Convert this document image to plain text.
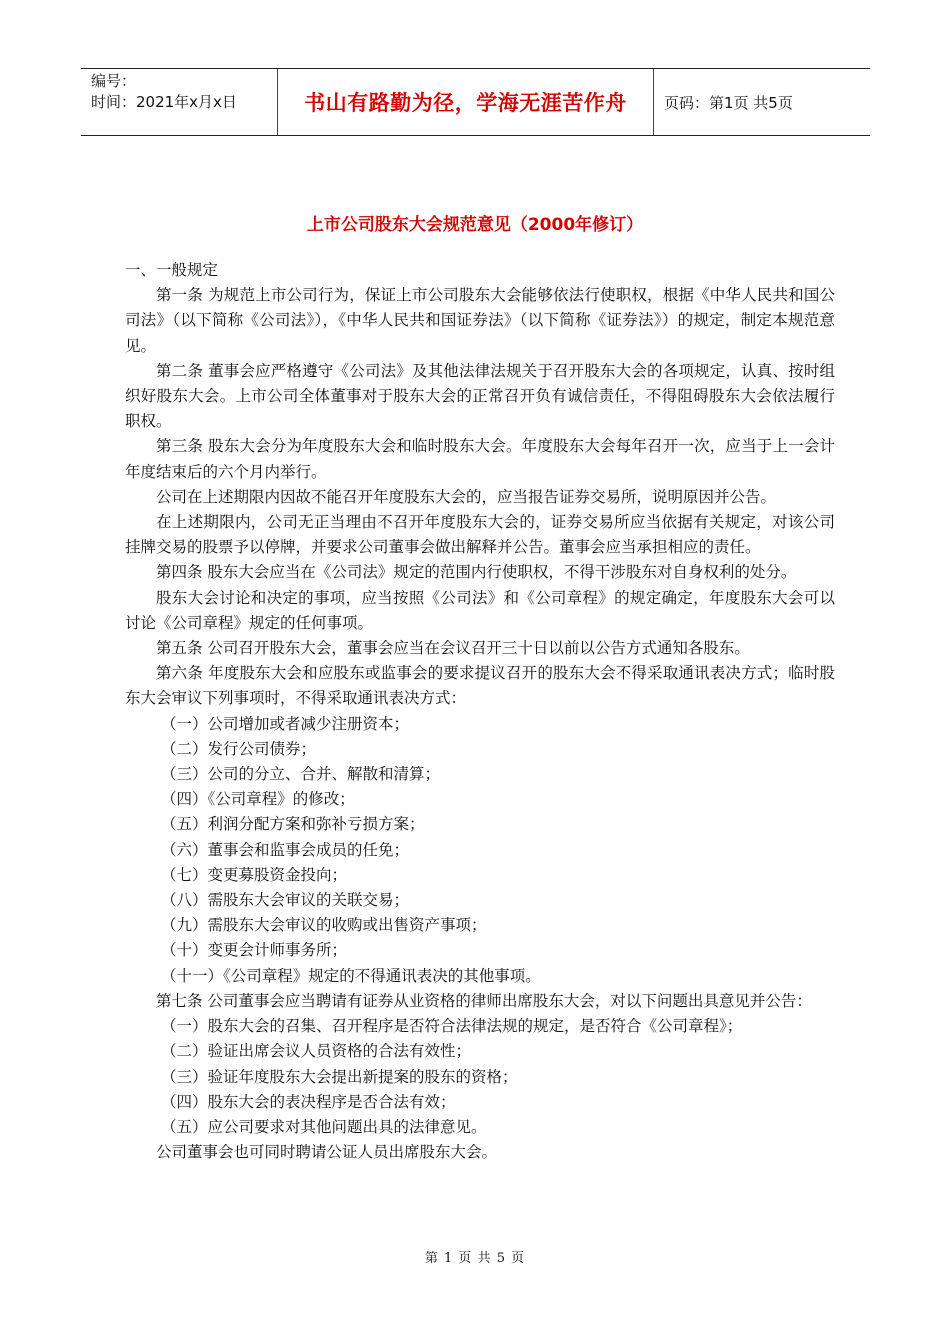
编号：
时间：2021年x月x日	书山有路勤为径，学海无涯苦作舟 页码：第1页 共5页
上市公司股东大会规范意见（2000年修订）

一、一般规定

第一条 为规范上市公司行为，保证上市公司股东大会能够依法行使职权，根据《中华人民共和国公司法》（以下简称《公司法》），《中华人民共和国证券法》（以下简称《证券法》）的规定，制定本规范意见。

第二条 董事会应严格遵守《公司法》及其他法律法规关于召开股东大会的各项规定，认真、按时组织好股东大会。上市公司全体董事对于股东大会的正常召开负有诚信责任，不得阻碍股东大会依法履行职权。

第三条 股东大会分为年度股东大会和临时股东大会。年度股东大会每年召开一次，应当于上一会计年度结束后的六个月内举行。

公司在上述期限内因故不能召开年度股东大会的，应当报告证券交易所，说明原因并公告。

在上述期限内，公司无正当理由不召开年度股东大会的，证券交易所应当依据有关规定，对该公司挂牌交易的股票予以停牌，并要求公司董事会做出解释并公告。董事会应当承担相应的责任。

第四条 股东大会应当在《公司法》规定的范围内行使职权，不得干涉股东对自身权利的处分。

股东大会讨论和决定的事项，应当按照《公司法》和《公司章程》的规定确定，年度股东大会可以讨论《公司章程》规定的任何事项。

第五条 公司召开股东大会，董事会应当在会议召开三十日以前以公告方式通知各股东。

第六条 年度股东大会和应股东或监事会的要求提议召开的股东大会不得采取通讯表决方式；临时股东大会审议下列事项时，不得采取通讯表决方式：

（一）公司增加或者减少注册资本；

（二）发行公司债券；

（三）公司的分立、合并、解散和清算；

（四）《公司章程》的修改；

（五）利润分配方案和弥补亏损方案；

（六）董事会和监事会成员的任免；

（七）变更募股资金投向；

（八）需股东大会审议的关联交易；

（九）需股东大会审议的收购或出售资产事项；

（十）变更会计师事务所；

（十一）《公司章程》规定的不得通讯表决的其他事项。

第七条 公司董事会应当聘请有证券从业资格的律师出席股东大会，对以下问题出具意见并公告：

（一）股东大会的召集、召开程序是否符合法律法规的规定，是否符合《公司章程》；

（二）验证出席会议人员资格的合法有效性；

（三）验证年度股东大会提出新提案的股东的资格；

（四）股东大会的表决程序是否合法有效；

（五）应公司要求对其他问题出具的法律意见。

公司董事会也可同时聘请公证人员出席股东大会。

第 1 页 共 5 页
